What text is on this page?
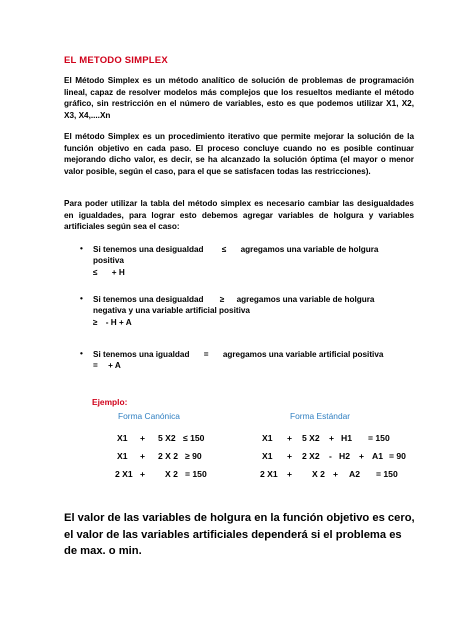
EL METODO SIMPLEX
El Método Simplex es un método analítico de solución de problemas de programación lineal, capaz de resolver modelos más complejos que los resueltos mediante el método gráfico, sin restricción en el número de variables, esto es que podemos utilizar X1, X2, X3, X4,....Xn
El método Simplex es un procedimiento iterativo que permite mejorar la solución de la función objetivo en cada paso. El proceso concluye cuando no es posible continuar mejorando dicho valor, es decir, se ha alcanzado la solución óptima (el mayor o menor valor posible, según el caso, para el que se satisfacen todas las restricciones).
Para poder utilizar la tabla del método simplex es necesario cambiar las desigualdades en igualdades, para lograr esto debemos agregar variables de holgura y variables artificiales según sea el caso:
• Si tenemos una desigualdad ≤ agregamos una variable de holgura
positiva
≤ + H
• Si tenemos una desigualdad ≥ agregamos una variable de holgura
negativa y una variable artificial positiva
≥ - H + A
• Si tenemos una igualdad = agregamos una variable artificial positiva
= + A
Ejemplo:
Forma Canónica	Forma Estándar
X1 + 5 X2 ≤ 150
X1 + 2 X 2 ≥ 90
2 X1 + X 2 = 150
X1 + 5 X2 + H1 = 150
X1 + 2 X2 - H2 + A1 = 90
2 X1 + X 2 + A2 = 150
El valor de las variables de holgura en la función objetivo es cero, el valor de las variables artificiales dependerá si el problema es de max. o min.
